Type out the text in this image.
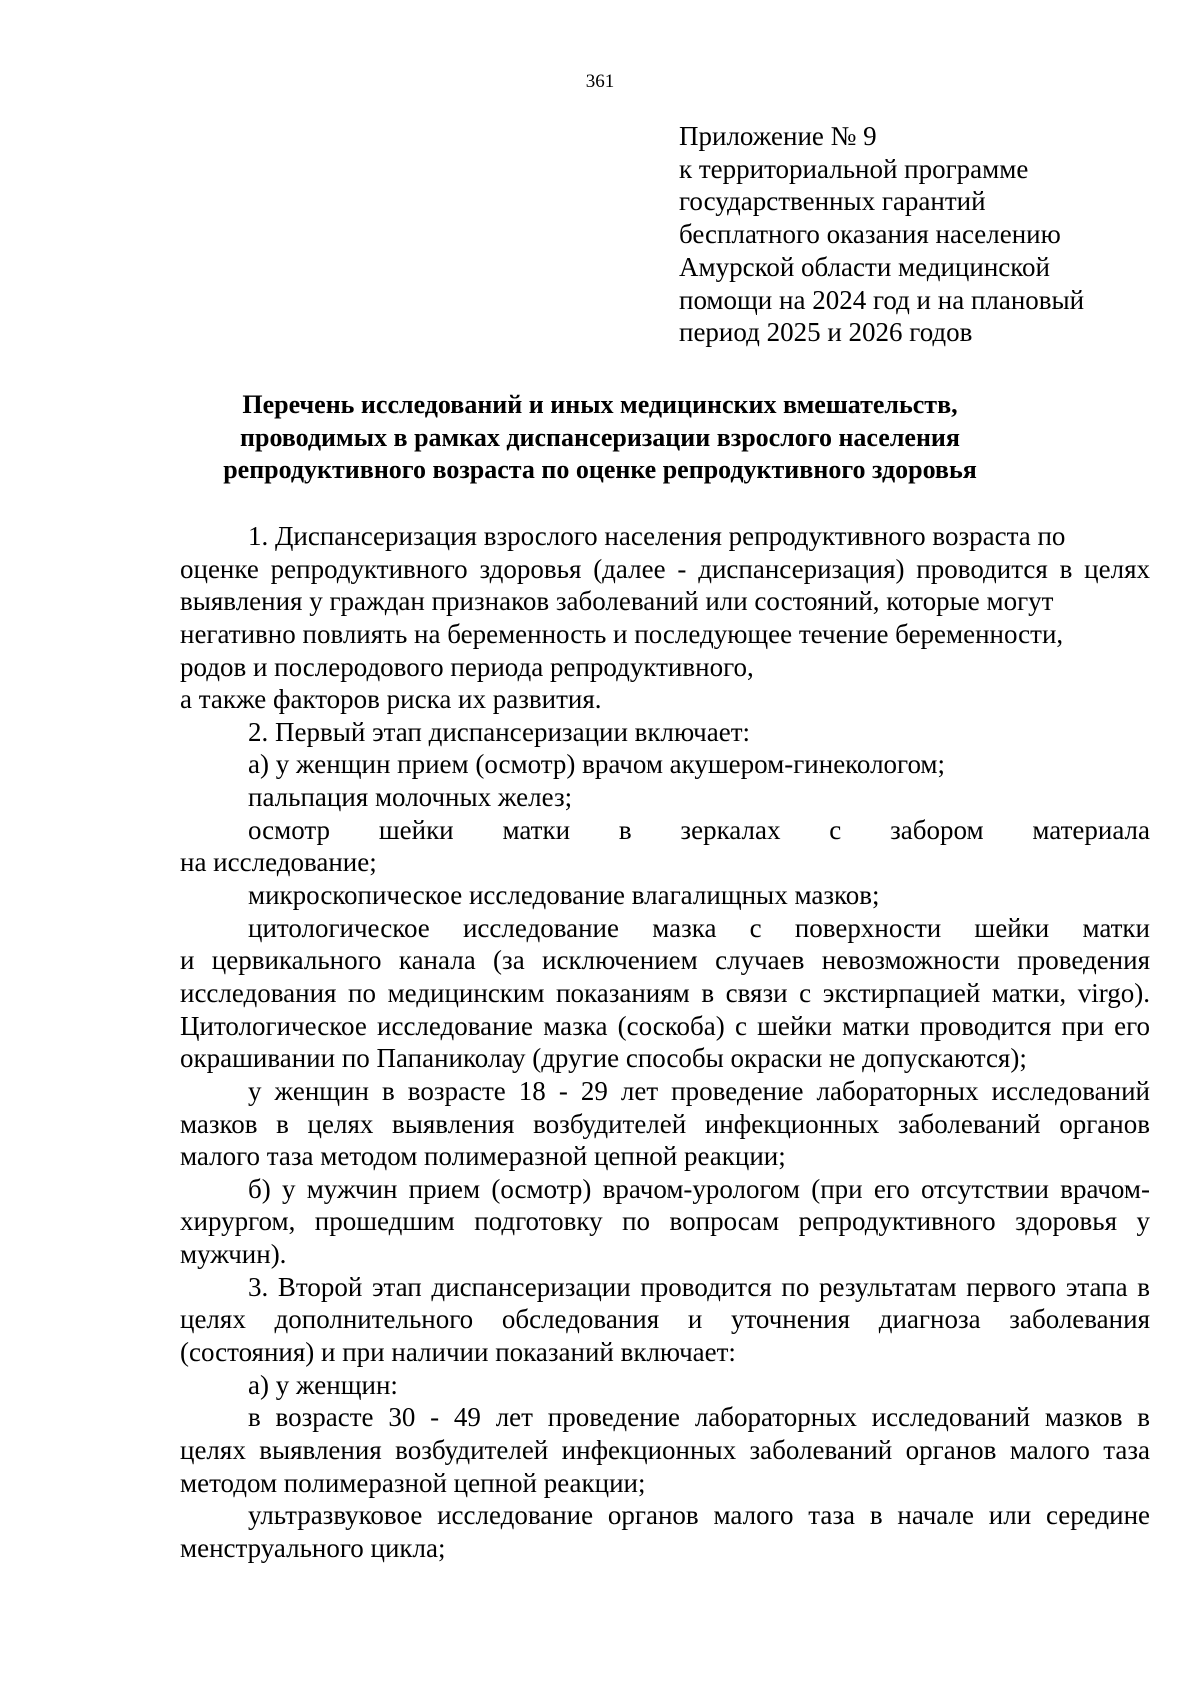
361
Приложение № 9
к территориальной программе
государственных гарантий
бесплатного оказания населению
Амурской области медицинской
помощи на 2024 год и на плановый
период 2025 и 2026 годов
Перечень исследований и иных медицинских вмешательств,
проводимых в рамках диспансеризации взрослого населения
репродуктивного возраста по оценке репродуктивного здоровья
1. Диспансеризация взрослого населения репродуктивного возраста по
оценке репродуктивного здоровья (далее - диспансеризация) проводится в целях
выявления у граждан признаков заболеваний или состояний, которые могут
негативно повлиять на беременность и последующее течение беременности,
родов и послеродового периода репродуктивного,
а также факторов риска их развития.
2. Первый этап диспансеризации включает:
а) у женщин прием (осмотр) врачом акушером-гинекологом;
пальпация молочных желез;
осмотр шейки матки в зеркалах с забором материала
на исследование;
микроскопическое исследование влагалищных мазков;
цитологическое исследование мазка с поверхности шейки матки
и цервикального канала (за исключением случаев невозможности проведения
исследования по медицинским показаниям в связи с экстирпацией матки, virgo).
Цитологическое исследование мазка (соскоба) с шейки матки проводится при его
окрашивании по Папаниколау (другие способы окраски не допускаются);
у женщин в возрасте 18 - 29 лет проведение лабораторных исследований
мазков в целях выявления возбудителей инфекционных заболеваний органов
малого таза методом полимеразной цепной реакции;
б) у мужчин прием (осмотр) врачом-урологом (при его отсутствии врачом-
хирургом, прошедшим подготовку по вопросам репродуктивного здоровья у
мужчин).
3. Второй этап диспансеризации проводится по результатам первого этапа в
целях дополнительного обследования и уточнения диагноза заболевания
(состояния) и при наличии показаний включает:
а) у женщин:
в возрасте 30 - 49 лет проведение лабораторных исследований мазков в
целях выявления возбудителей инфекционных заболеваний органов малого таза
методом полимеразной цепной реакции;
ультразвуковое исследование органов малого таза в начале или середине
менструального цикла;
